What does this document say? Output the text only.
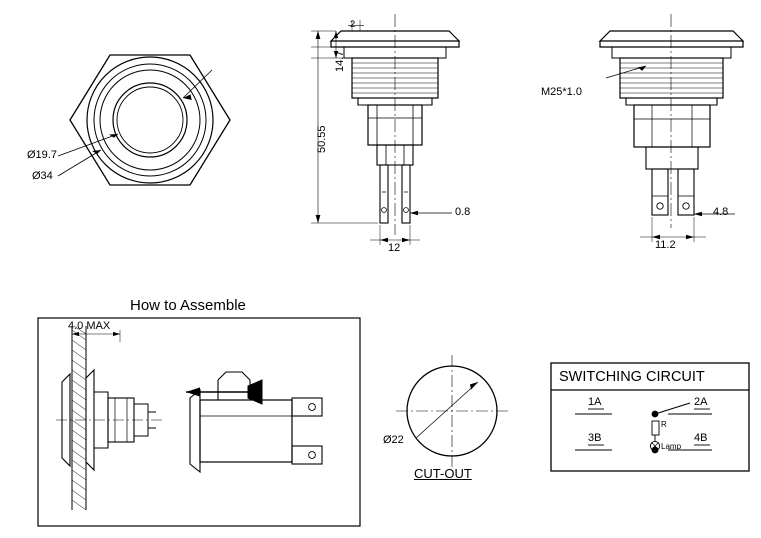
Ø19.7
Ø34
50.55
14.7
2
0.8
12
M25*1.0
4.8
11.2
How to Assemble
4.0 MAX
Ø22
CUT-OUT
SWITCHING CIRCUIT
1A	2A
3B	4B
R
Lamp
